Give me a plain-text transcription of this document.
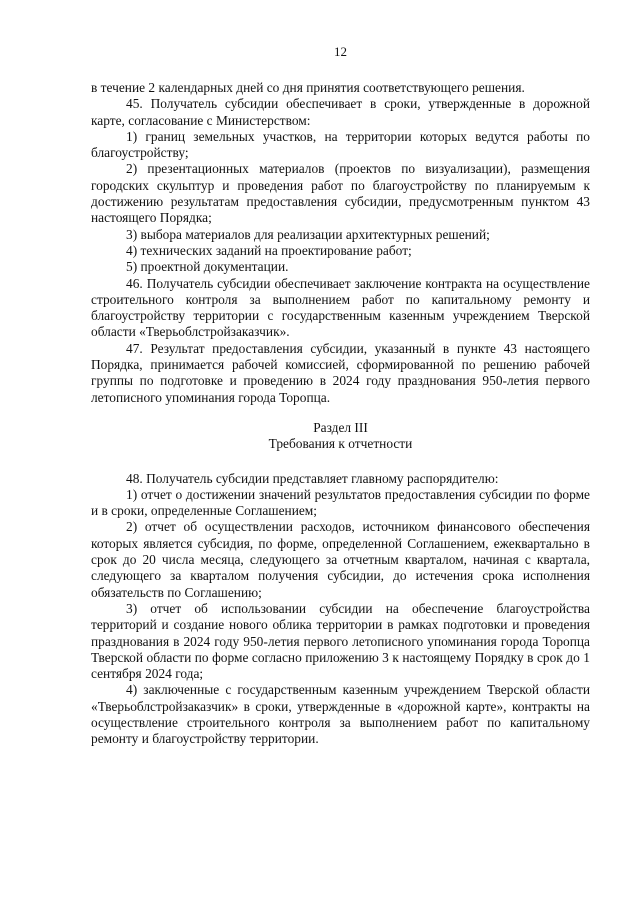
12

в течение 2 календарных дней со дня принятия соответствующего решения.

45. Получатель субсидии обеспечивает в сроки, утвержденные в дорожной карте, согласование с Министерством:

1) границ земельных участков, на территории которых ведутся работы по благоустройству;

2) презентационных материалов (проектов по визуализации), размещения городских скульптур и проведения работ по благоустройству по планируемым к достижению результатам предоставления субсидии, предусмотренным пунктом 43 настоящего Порядка;

3) выбора материалов для реализации архитектурных решений;

4) технических заданий на проектирование работ;

5) проектной документации.

46. Получатель субсидии обеспечивает заключение контракта на осуществление строительного контроля за выполнением работ по капитальному ремонту и благоустройству территории с государственным казенным учреждением Тверской области «Тверьоблстройзаказчик».

47. Результат предоставления субсидии, указанный в пункте 43 настоящего Порядка, принимается рабочей комиссией, сформированной по решению рабочей группы по подготовке и проведению в 2024 году празднования 950-летия первого летописного упоминания города Торопца.

Раздел III

Требования к отчетности

48. Получатель субсидии представляет главному распорядителю:

1) отчет о достижении значений результатов предоставления субсидии по форме и в сроки, определенные Соглашением;

2) отчет об осуществлении расходов, источником финансового обеспечения которых является субсидия, по форме, определенной Соглашением, ежеквартально в срок до 20 числа месяца, следующего за отчетным кварталом, начиная с квартала, следующего за кварталом получения субсидии, до истечения срока исполнения обязательств по Соглашению;

3) отчет об использовании субсидии на обеспечение благоустройства территорий и создание нового облика территории в рамках подготовки и проведения празднования в 2024 году 950-летия первого летописного упоминания города Торопца Тверской области по форме согласно приложению 3 к настоящему Порядку в срок до 1 сентября 2024 года;

4) заключенные с государственным казенным учреждением Тверской области «Тверьоблстройзаказчик» в сроки, утвержденные в «дорожной карте», контракты на осуществление строительного контроля за выполнением работ по капитальному ремонту и благоустройству территории.
